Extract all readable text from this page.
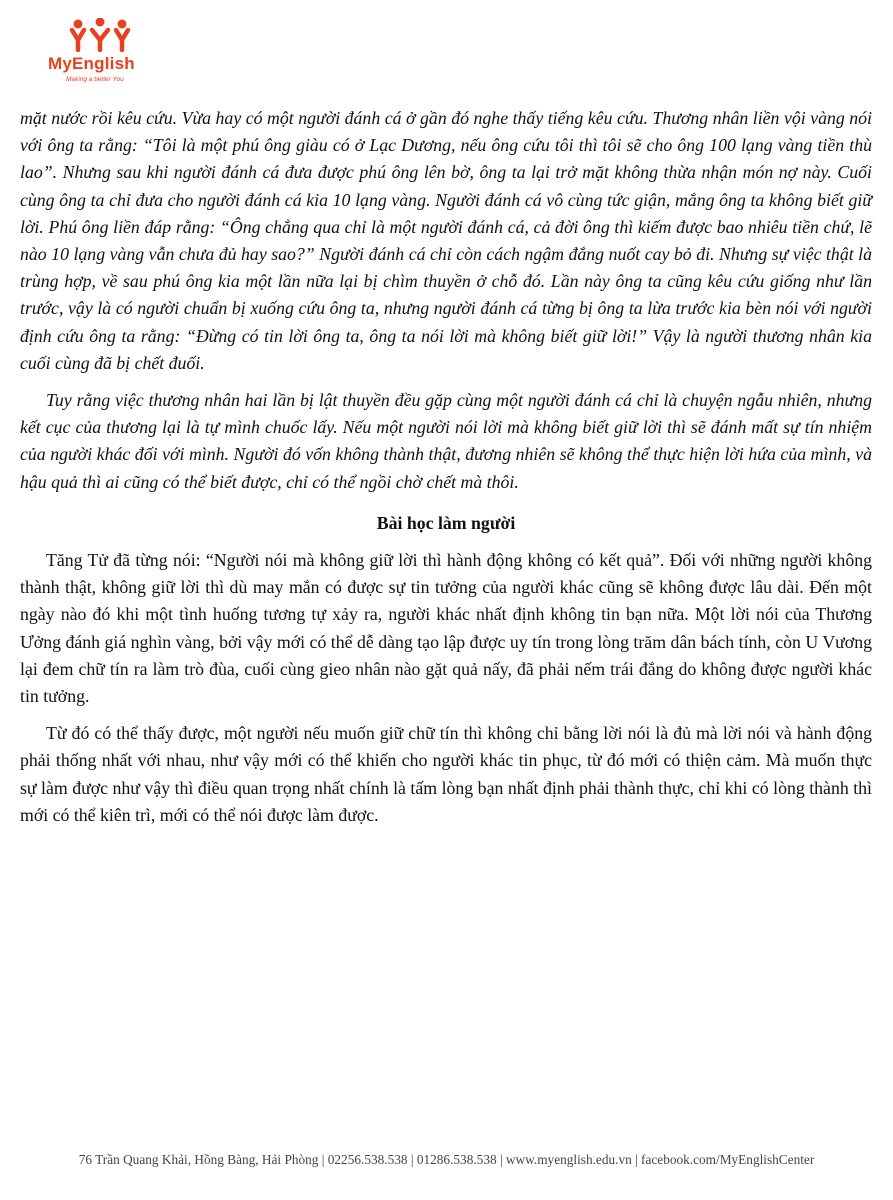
MyEnglish
Making a better You

mặt nước rồi kêu cứu. Vừa hay có một người đánh cá ở gần đó nghe thấy tiếng kêu cứu. Thương nhân liền vội vàng nói với ông ta rằng: “Tôi là một phú ông giàu có ở Lạc Dương, nếu ông cứu tôi thì tôi sẽ cho ông 100 lạng vàng tiền thù lao”. Nhưng sau khi người đánh cá đưa được phú ông lên bờ, ông ta lại trở mặt không thừa nhận món nợ này. Cuối cùng ông ta chỉ đưa cho người đánh cá kia 10 lạng vàng. Người đánh cá vô cùng tức giận, mắng ông ta không biết giữ lời. Phú ông liền đáp rằng: “Ông chẳng qua chỉ là một người đánh cá, cả đời ông thì kiếm được bao nhiêu tiền chứ, lẽ nào 10 lạng vàng vẫn chưa đủ hay sao?” Người đánh cá chỉ còn cách ngậm đắng nuốt cay bỏ đi. Nhưng sự việc thật là trùng hợp, về sau phú ông kia một lần nữa lại bị chìm thuyền ở chỗ đó. Lần này ông ta cũng kêu cứu giống như lần trước, vậy là có người chuẩn bị xuống cứu ông ta, nhưng người đánh cá từng bị ông ta lừa trước kia bèn nói với người định cứu ông ta rằng: “Đừng có tin lời ông ta, ông ta nói lời mà không biết giữ lời!” Vậy là người thương nhân kia cuối cùng đã bị chết đuối.

Tuy rằng việc thương nhân hai lần bị lật thuyền đều gặp cùng một người đánh cá chỉ là chuyện ngẫu nhiên, nhưng kết cục của thương lại là tự mình chuốc lấy. Nếu một người nói lời mà không biết giữ lời thì sẽ đánh mất sự tín nhiệm của người khác đối với mình. Người đó vốn không thành thật, đương nhiên sẽ không thể thực hiện lời hứa của mình, và hậu quả thì ai cũng có thể biết được, chỉ có thể ngồi chờ chết mà thôi.

Bài học làm người

Tăng Tử đã từng nói: “Người nói mà không giữ lời thì hành động không có kết quả”. Đối với những người không thành thật, không giữ lời thì dù may mắn có được sự tin tưởng của người khác cũng sẽ không được lâu dài. Đến một ngày nào đó khi một tình huống tương tự xảy ra, người khác nhất định không tin bạn nữa. Một lời nói của Thương Ưởng đánh giá nghìn vàng, bởi vậy mới có thể dễ dàng tạo lập được uy tín trong lòng trăm dân bách tính, còn U Vương lại đem chữ tín ra làm trò đùa, cuối cùng gieo nhân nào gặt quả nấy, đã phải nếm trái đắng do không được người khác tin tưởng.

Từ đó có thể thấy được, một người nếu muốn giữ chữ tín thì không chỉ bằng lời nói là đủ mà lời nói và hành động phải thống nhất với nhau, như vậy mới có thể khiến cho người khác tin phục, từ đó mới có thiện cảm. Mà muốn thực sự làm được như vậy thì điều quan trọng nhất chính là tấm lòng bạn nhất định phải thành thực, chỉ khi có lòng thành thì mới có thể kiên trì, mới có thể nói được làm được.

76 Trần Quang Khải, Hồng Bàng, Hải Phòng | 02256.538.538 | 01286.538.538 | www.myenglish.edu.vn | facebook.com/MyEnglishCenter
